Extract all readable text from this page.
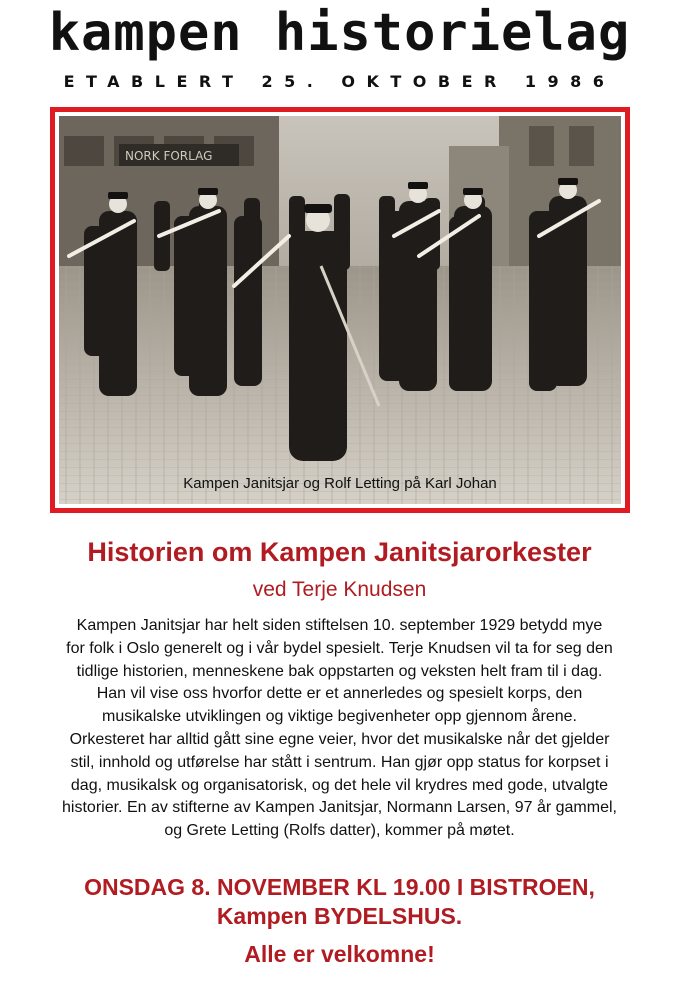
kampen historielag
ETABLERT 25. OKTOBER 1986
NORK FORLAG
Kampen Janitsjar og Rolf Letting på Karl Johan
Historien om Kampen Janitsjarorkester
ved Terje Knudsen
Kampen Janitsjar har helt siden stiftelsen 10. september 1929 betydd mye
for folk i Oslo generelt og i vår bydel spesielt. Terje Knudsen vil ta for seg den
tidlige historien, menneskene bak oppstarten og veksten helt fram til i dag.
Han vil vise oss hvorfor dette er et annerledes og spesielt korps, den
musikalske utviklingen og viktige begivenheter opp gjennom årene.
Orkesteret har alltid gått sine egne veier, hvor det musikalske når det gjelder
stil, innhold og utførelse har stått i sentrum. Han gjør opp status for korpset i
dag, musikalsk og organisatorisk, og det hele vil krydres med gode, utvalgte
historier. En av stifterne av Kampen Janitsjar, Normann Larsen, 97 år gammel,
og Grete Letting (Rolfs datter), kommer på møtet.
ONSDAG 8. NOVEMBER KL 19.00 I BISTROEN,
Kampen BYDELSHUS.
Alle er velkomne!
